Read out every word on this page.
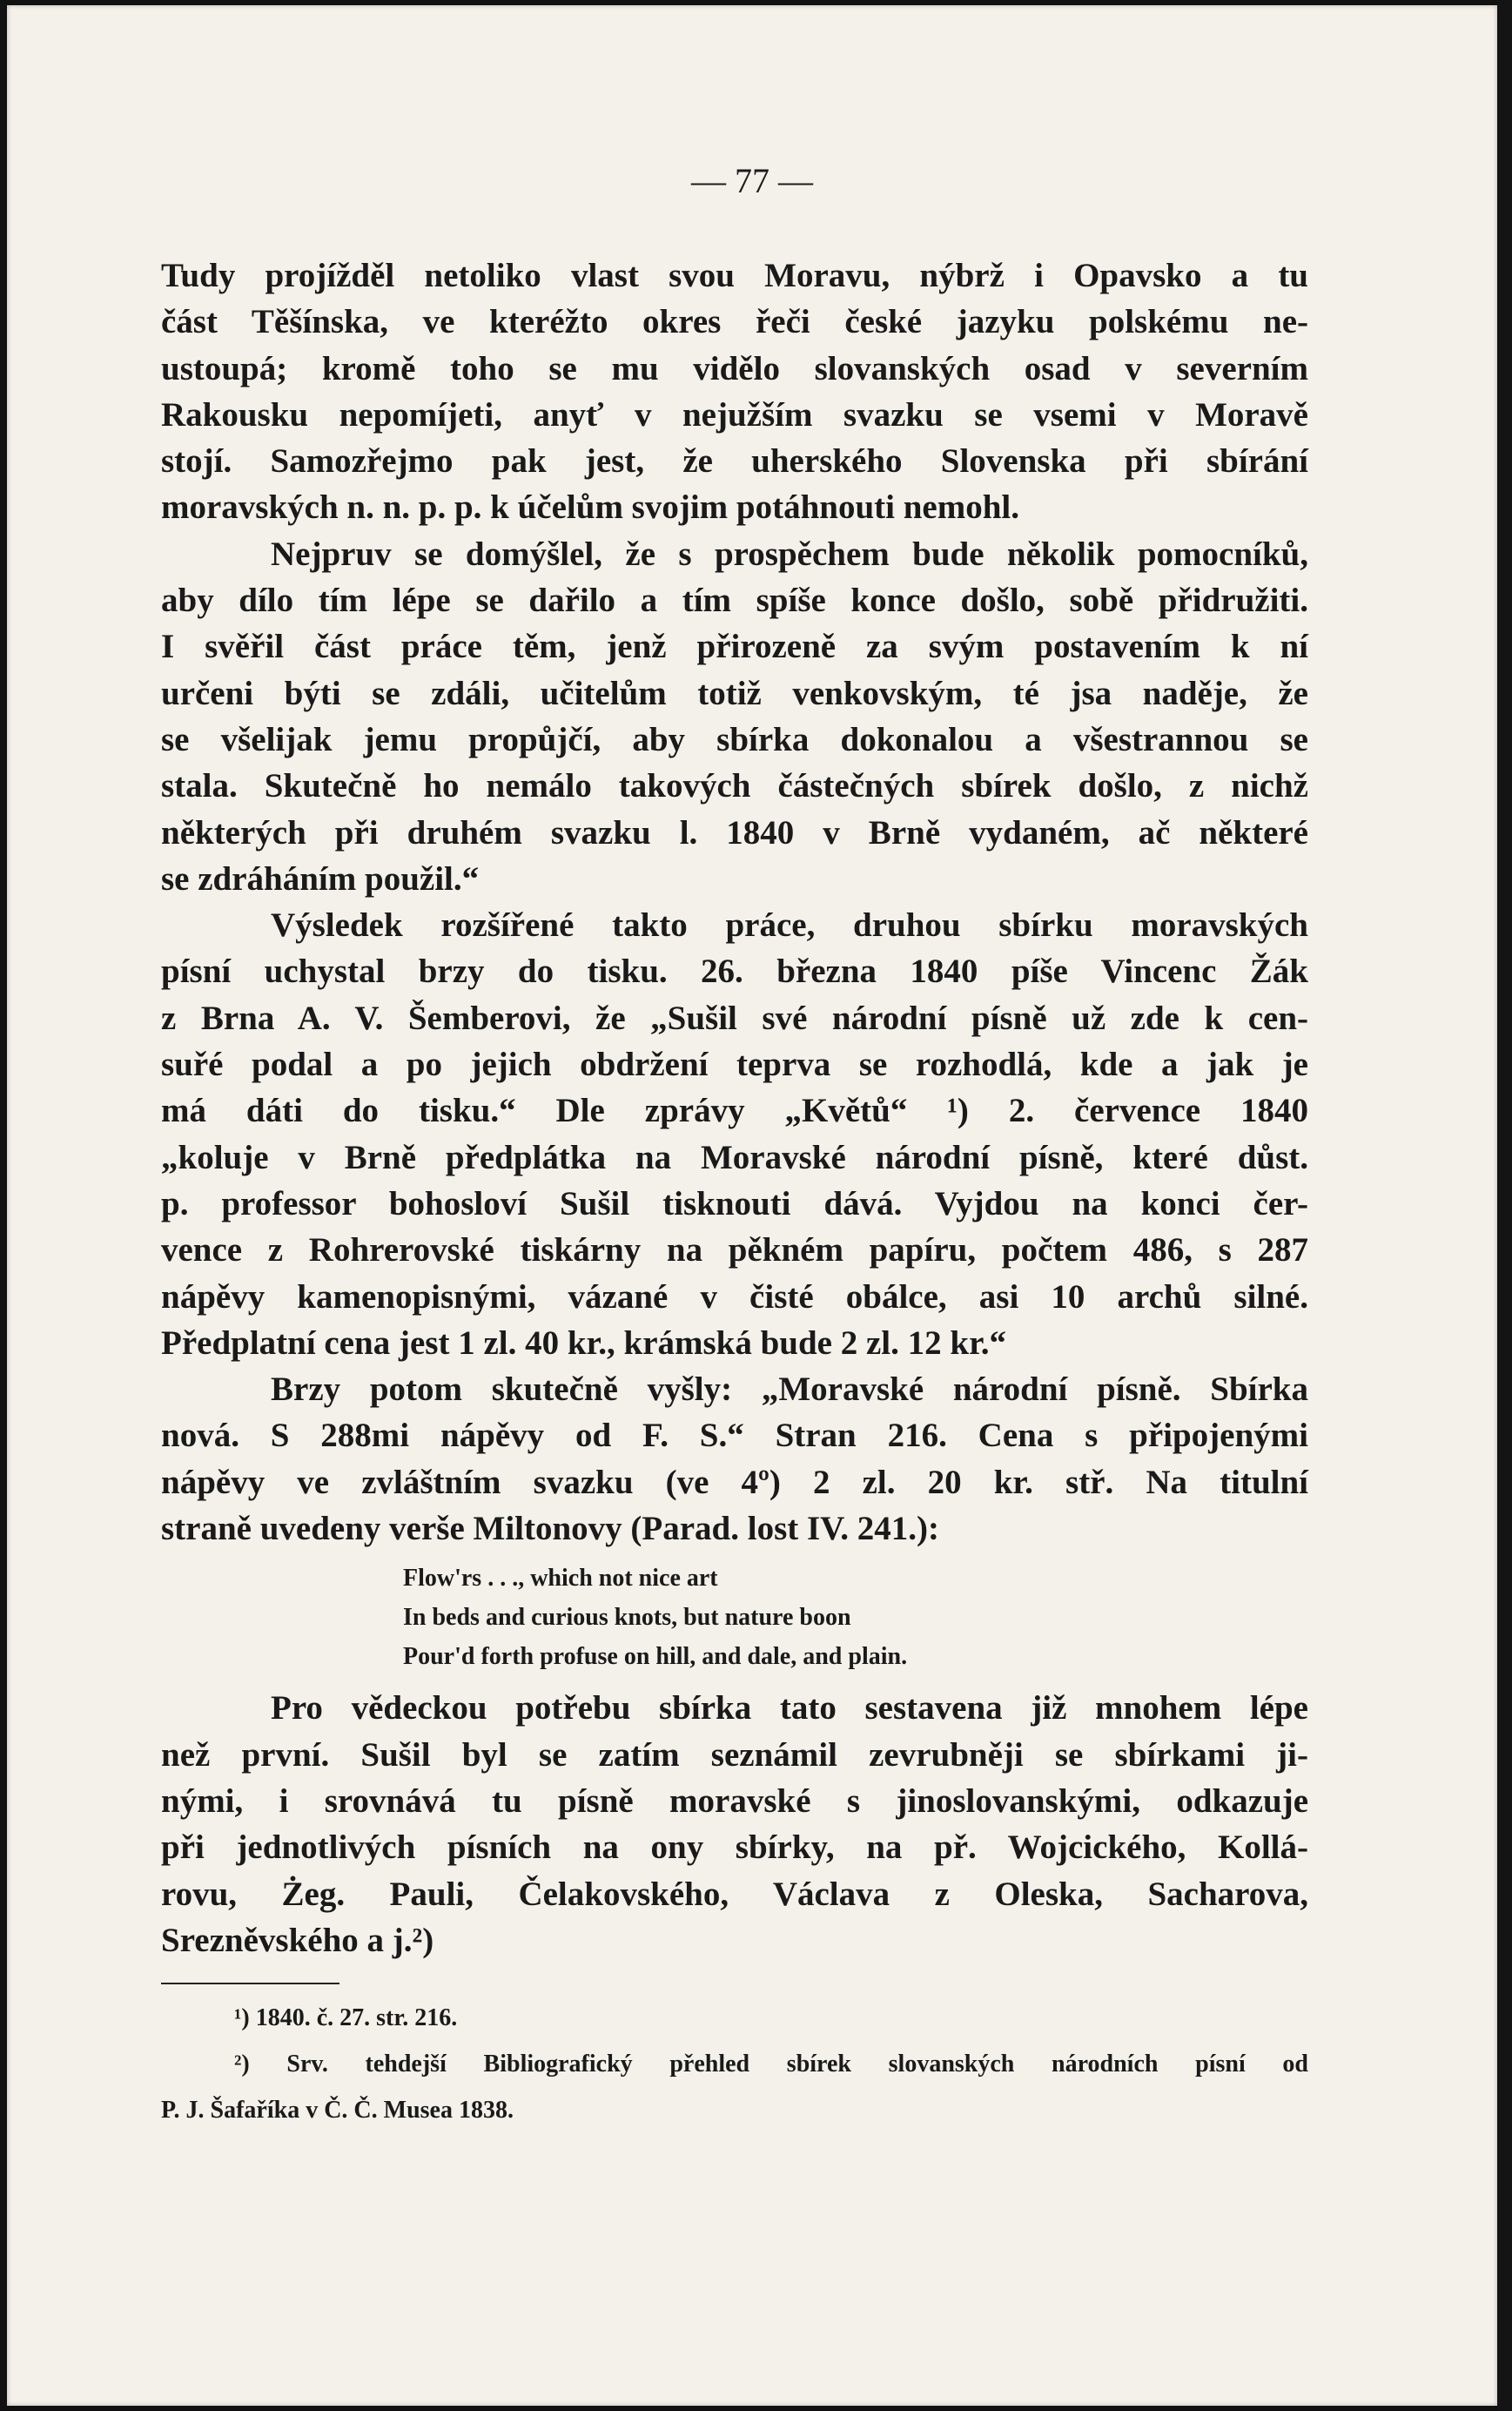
— 77 —
Tudy projížděl netoliko vlast svou Moravu, nýbrž i Opavsko a tu
část Těšínska, ve kteréžto okres řeči české jazyku polskému ne-
ustoupá; kromě toho se mu vidělo slovanských osad v severním
Rakousku nepomíjeti, anyť v nejužším svazku se vsemi v Moravě
stojí. Samozřejmo pak jest, že uherského Slovenska při sbírání
moravských n. n. p. p. k účelům svojim potáhnouti nemohl.
Nejpruv se domýšlel, že s prospěchem bude několik pomocníků,
aby dílo tím lépe se dařilo a tím spíše konce došlo, sobě přidružiti.
I svěřil část práce těm, jenž přirozeně za svým postavením k ní
určeni býti se zdáli, učitelům totiž venkovským, té jsa naděje, že
se všelijak jemu propůjčí, aby sbírka dokonalou a všestrannou se
stala. Skutečně ho nemálo takových částečných sbírek došlo, z nichž
některých při druhém svazku l. 1840 v Brně vydaném, ač některé
se zdráháním použil.“
Výsledek rozšířené takto práce, druhou sbírku moravských
písní uchystal brzy do tisku. 26. března 1840 píše Vincenc Žák
z Brna A. V. Šemberovi, že „Sušil své národní písně už zde k cen-
suřé podal a po jejich obdržení teprva se rozhodlá, kde a jak je
má dáti do tisku.“ Dle zprávy „Květů“ ¹) 2. července 1840
„koluje v Brně předplátka na Moravské národní písně, které důst.
p. professor bohosloví Sušil tisknouti dává. Vyjdou na konci čer-
vence z Rohrerovské tiskárny na pěkném papíru, počtem 486, s 287
nápěvy kamenopisnými, vázané v čisté obálce, asi 10 archů silné.
Předplatní cena jest 1 zl. 40 kr., krámská bude 2 zl. 12 kr.“
Brzy potom skutečně vyšly: „Moravské národní písně. Sbírka
nová. S 288mi nápěvy od F. S.“ Stran 216. Cena s připojenými
nápěvy ve zvláštním svazku (ve 4º) 2 zl. 20 kr. stř. Na titulní
straně uvedeny verše Miltonovy (Parad. lost IV. 241.):
Flow'rs . . ., which not nice art
In beds and curious knots, but nature boon
Pour'd forth profuse on hill, and dale, and plain.
Pro vědeckou potřebu sbírka tato sestavena již mnohem lépe
než první. Sušil byl se zatím seznámil zevrubněji se sbírkami ji-
nými, i srovnává tu písně moravské s jinoslovanskými, odkazuje
při jednotlivých písních na ony sbírky, na př. Wojcického, Kollá-
rovu, Żeg. Pauli, Čelakovského, Václava z Oleska, Sacharova,
Srezněvského a j.²)
¹) 1840. č. 27. str. 216.
²) Srv. tehdejší Bibliografický přehled sbírek slovanských národních písní od
P. J. Šafaříka v Č. Č. Musea 1838.
